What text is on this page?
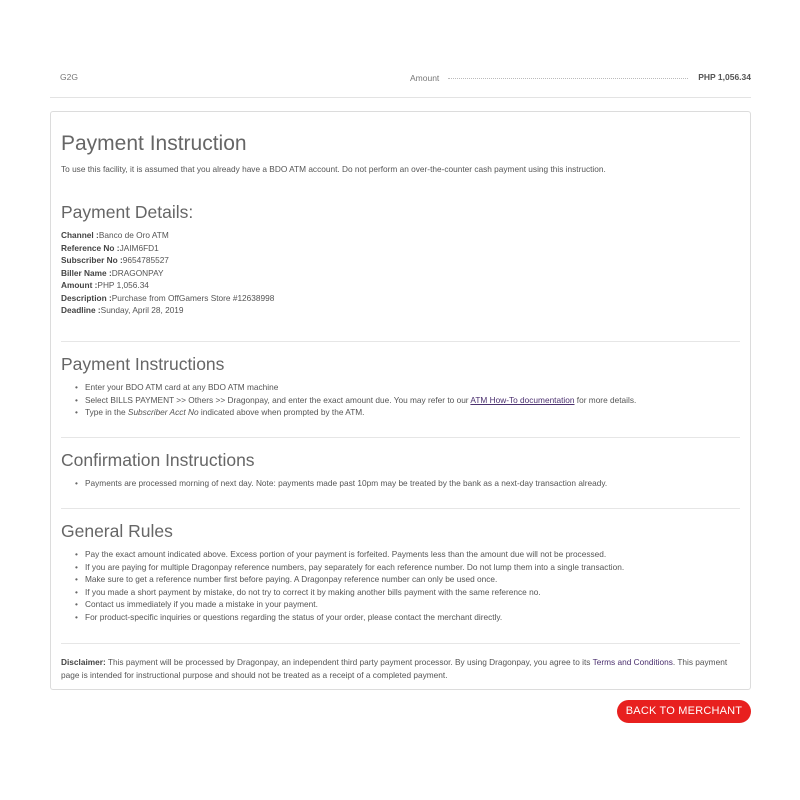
G2G	Amount	PHP 1,056.34
Payment Instruction
To use this facility, it is assumed that you already have a BDO ATM account. Do not perform an over-the-counter cash payment using this instruction.
Payment Details:
Channel :Banco de Oro ATM
Reference No :JAIM6FD1
Subscriber No :9654785527
Biller Name :DRAGONPAY
Amount :PHP 1,056.34
Description :Purchase from OffGamers Store #12638998
Deadline :Sunday, April 28, 2019
Payment Instructions
• Enter your BDO ATM card at any BDO ATM machine
• Select BILLS PAYMENT >> Others >> Dragonpay, and enter the exact amount due. You may refer to our ATM How-To documentation for more details.
• Type in the Subscriber Acct No indicated above when prompted by the ATM.
Confirmation Instructions
• Payments are processed morning of next day. Note: payments made past 10pm may be treated by the bank as a next-day transaction already.
General Rules
• Pay the exact amount indicated above. Excess portion of your payment is forfeited. Payments less than the amount due will not be processed.
• If you are paying for multiple Dragonpay reference numbers, pay separately for each reference number. Do not lump them into a single transaction.
• Make sure to get a reference number first before paying. A Dragonpay reference number can only be used once.
• If you made a short payment by mistake, do not try to correct it by making another bills payment with the same reference no.
• Contact us immediately if you made a mistake in your payment.
• For product-specific inquiries or questions regarding the status of your order, please contact the merchant directly.
Disclaimer: This payment will be processed by Dragonpay, an independent third party payment processor. By using Dragonpay, you agree to its Terms and Conditions. This payment page is intended for instructional purpose and should not be treated as a receipt of a completed payment.
BACK TO MERCHANT
